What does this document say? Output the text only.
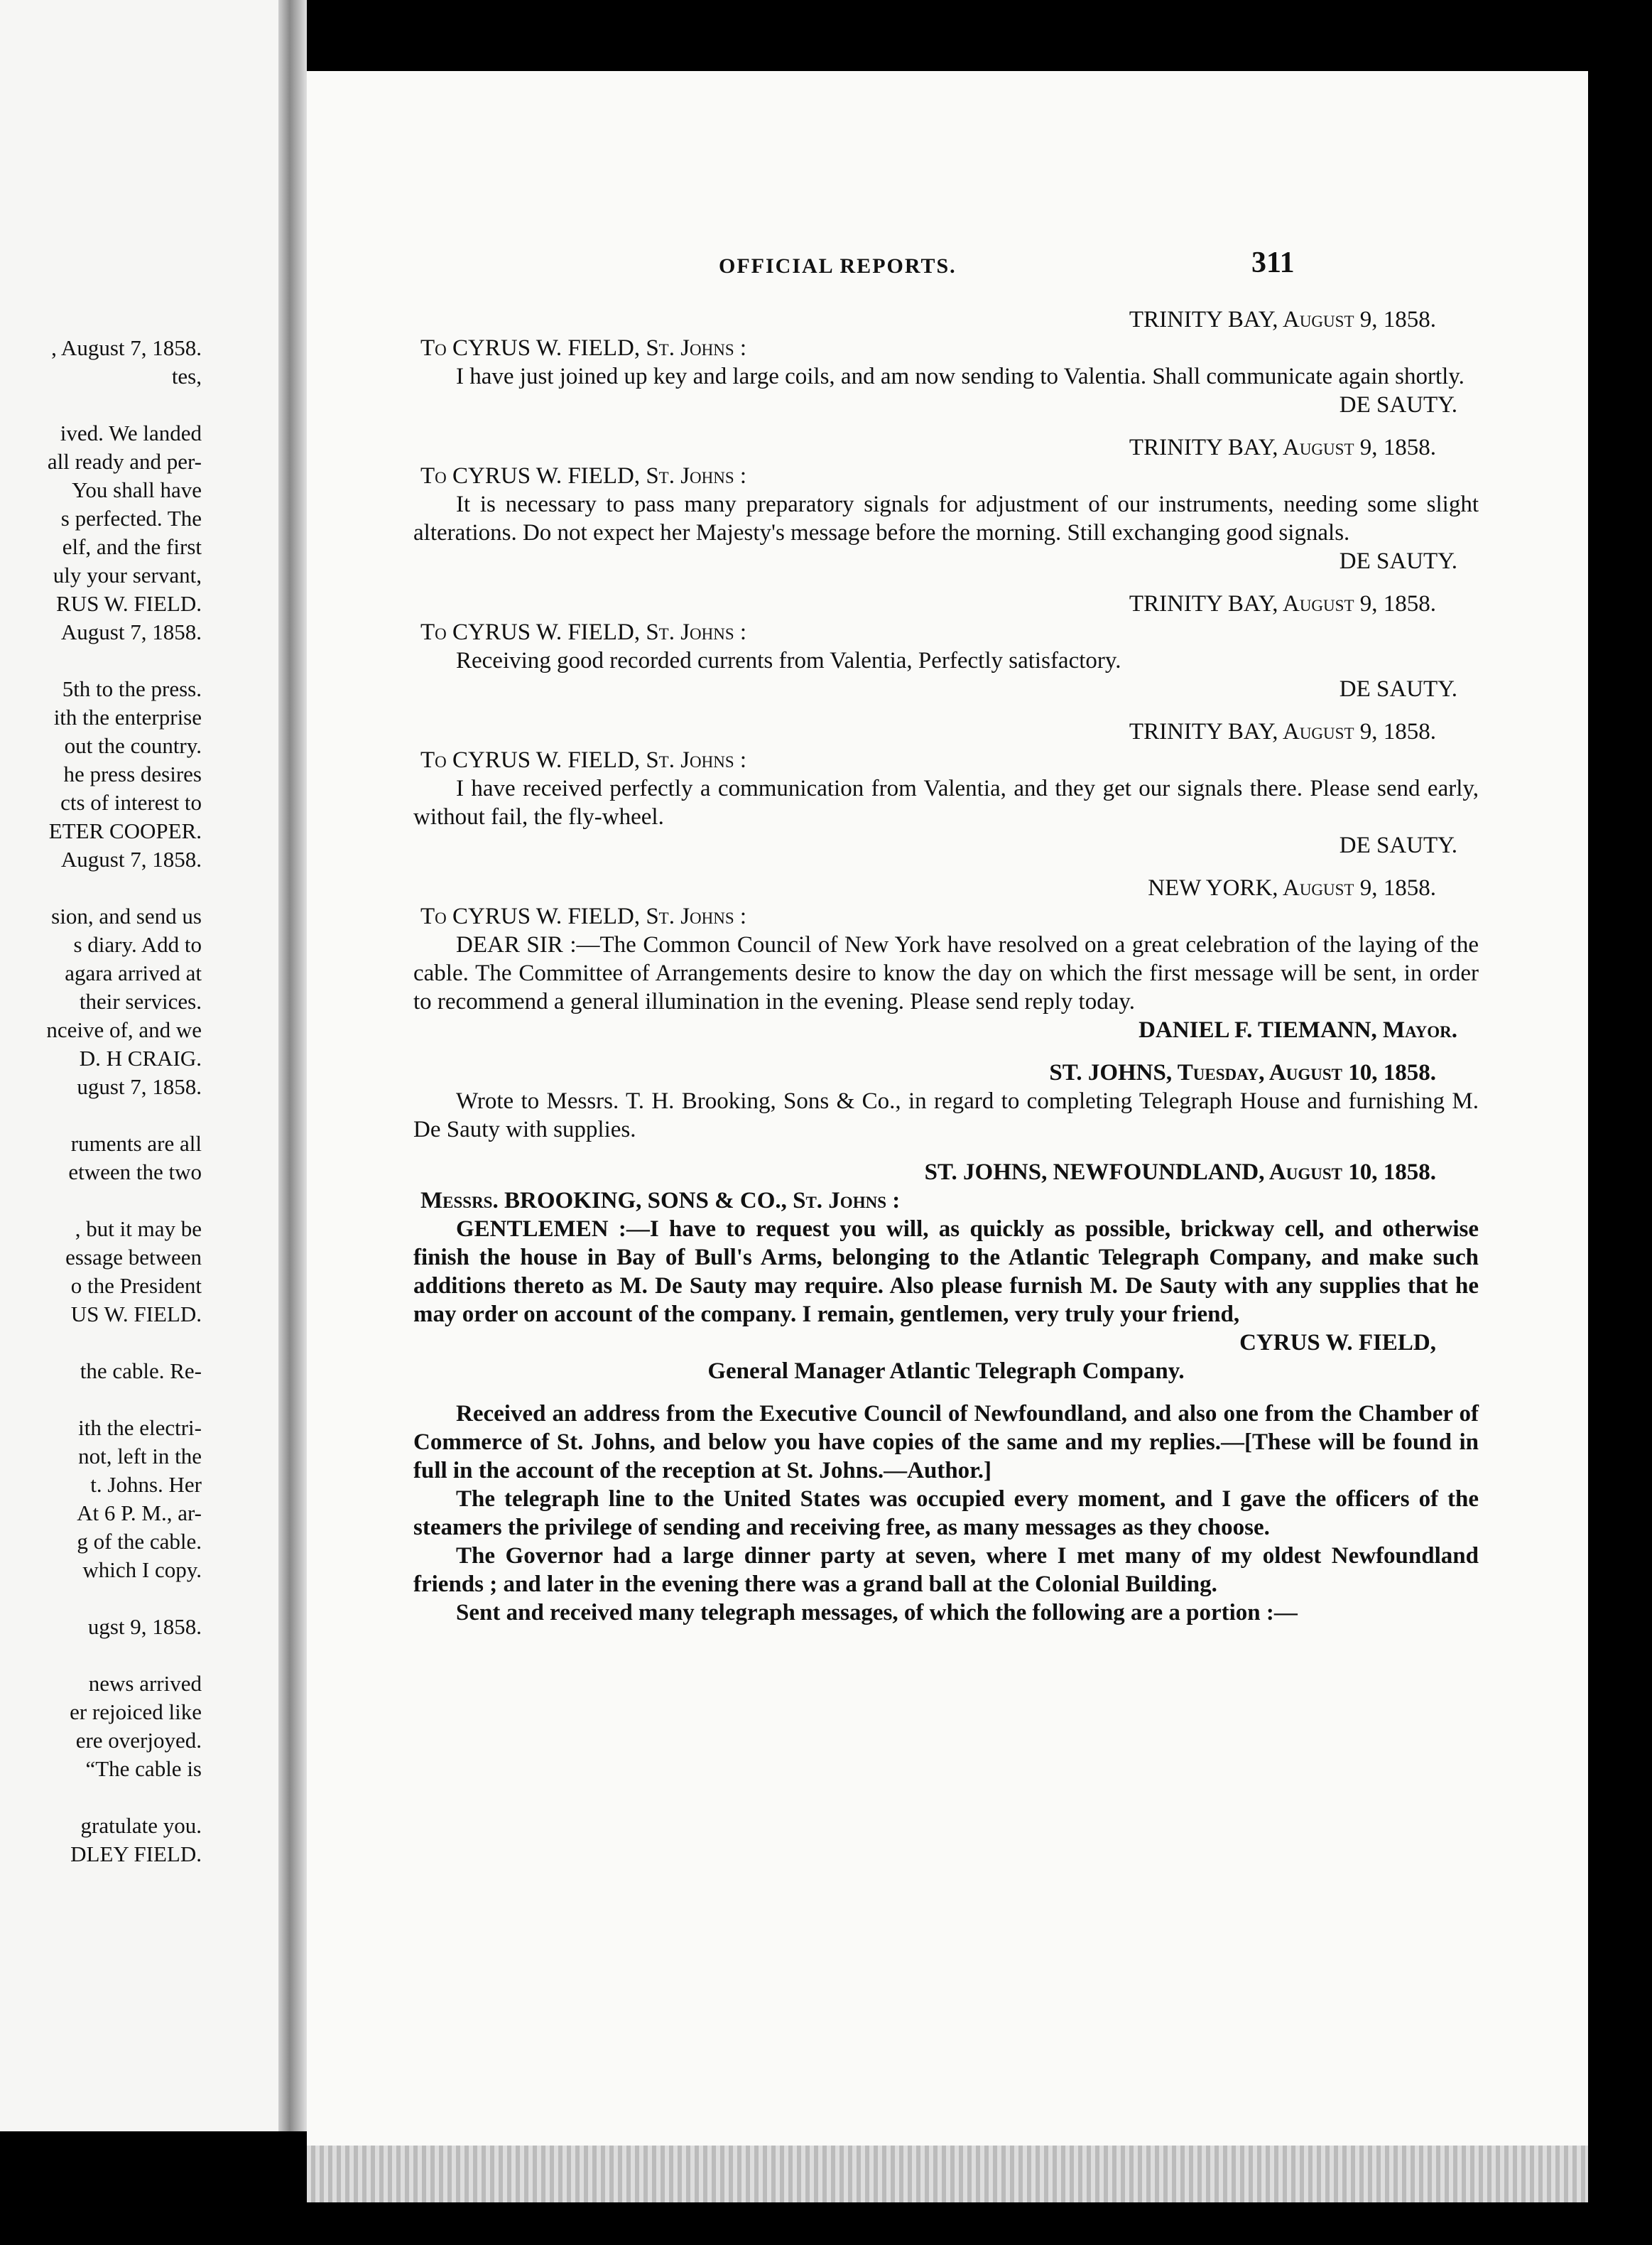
, August 7, 1858.
tes,
ived. We landed
all ready and per-
You shall have
s perfected. The
elf, and the first
uly your servant,
RUS W. FIELD.
August 7, 1858.
5th to the press.
ith the enterprise
out the country.
he press desires
cts of interest to
ETER COOPER.
August 7, 1858.
sion, and send us
s diary. Add to
agara arrived at
their services.
nceive of, and we
D. H CRAIG.
ugust 7, 1858.
ruments are all
etween the two
, but it may be
essage between
o the President
US W. FIELD.
the cable. Re-
ith the electri-
not, left in the
t. Johns. Her
At 6 P. M., ar-
g of the cable.
which I copy.
ugst 9, 1858.
news arrived
er rejoiced like
ere overjoyed.
“The cable is
gratulate you.
DLEY FIELD.
OFFICIAL REPORTS.	311
TRINITY BAY, August 9, 1858.
To CYRUS W. FIELD, St. Johns :
I have just joined up key and large coils, and am now sending to Valentia. Shall communicate again shortly.
DE SAUTY.
TRINITY BAY, August 9, 1858.
To CYRUS W. FIELD, St. Johns :
It is necessary to pass many preparatory signals for adjustment of our instruments, needing some slight alterations. Do not expect her Majesty's message before the morning. Still exchanging good signals.
DE SAUTY.
TRINITY BAY, August 9, 1858.
To CYRUS W. FIELD, St. Johns :
Receiving good recorded currents from Valentia, Perfectly satisfactory.
DE SAUTY.
TRINITY BAY, August 9, 1858.
To CYRUS W. FIELD, St. Johns :
I have received perfectly a communication from Valentia, and they get our signals there. Please send early, without fail, the fly-wheel.
DE SAUTY.
NEW YORK, August 9, 1858.
To CYRUS W. FIELD, St. Johns :
DEAR SIR :—The Common Council of New York have resolved on a great celebration of the laying of the cable. The Committee of Arrangements desire to know the day on which the first message will be sent, in order to recommend a general illumination in the evening. Please send reply today.
DANIEL F. TIEMANN, Mayor.
ST. JOHNS, Tuesday, August 10, 1858.
Wrote to Messrs. T. H. Brooking, Sons & Co., in regard to completing Telegraph House and furnishing M. De Sauty with supplies.
ST. JOHNS, NEWFOUNDLAND, August 10, 1858.
Messrs. BROOKING, SONS & CO., St. Johns :
GENTLEMEN :—I have to request you will, as quickly as possible, brickway cell, and otherwise finish the house in Bay of Bull's Arms, belonging to the Atlantic Telegraph Company, and make such additions thereto as M. De Sauty may require. Also please furnish M. De Sauty with any supplies that he may order on account of the company. I remain, gentlemen, very truly your friend,
CYRUS W. FIELD,
General Manager Atlantic Telegraph Company.
Received an address from the Executive Council of Newfoundland, and also one from the Chamber of Commerce of St. Johns, and below you have copies of the same and my replies.—[These will be found in full in the account of the reception at St. Johns.—Author.]
The telegraph line to the United States was occupied every moment, and I gave the officers of the steamers the privilege of sending and receiving free, as many messages as they choose.
The Governor had a large dinner party at seven, where I met many of my oldest Newfoundland friends ; and later in the evening there was a grand ball at the Colonial Building.
Sent and received many telegraph messages, of which the following are a portion :—
